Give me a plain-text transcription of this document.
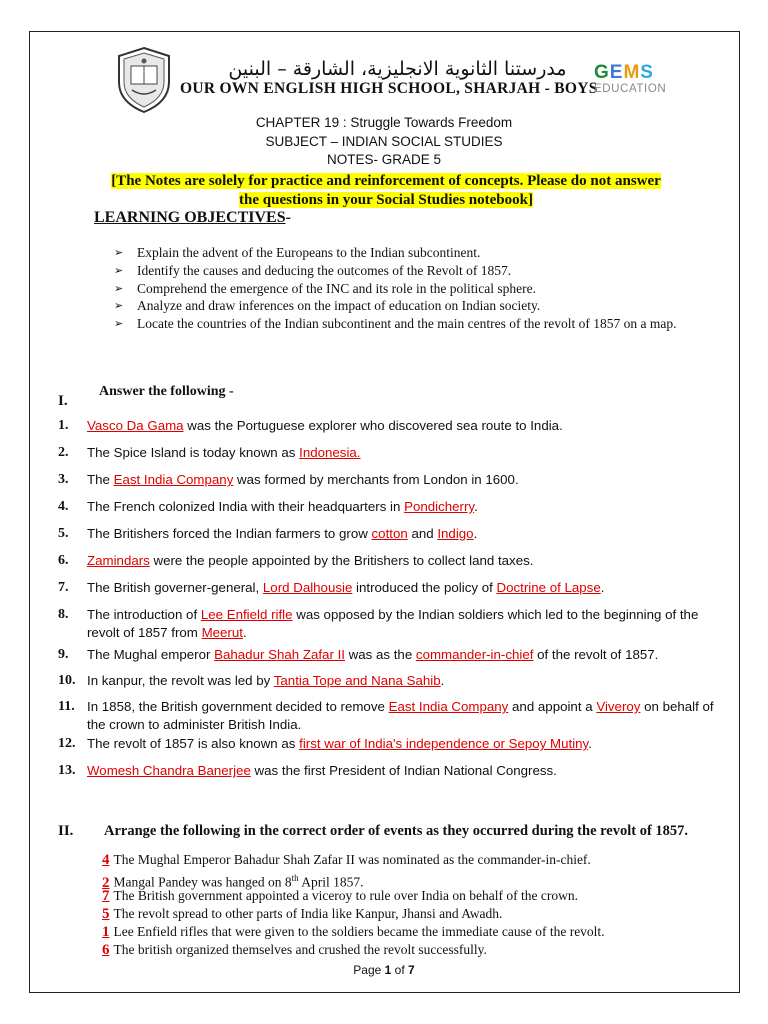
مدرستنا الثانوية الانجليزية، الشارقة – البنين
OUR OWN ENGLISH HIGH SCHOOL, SHARJAH - BOYS
G E M S
EDUCATION
CHAPTER 19 : Struggle Towards Freedom
SUBJECT – INDIAN SOCIAL STUDIES
NOTES- GRADE 5
[The Notes are solely for practice and reinforcement of concepts. Please do not answer
the questions in your Social Studies notebook]
LEARNING OBJECTIVES-
➢	Explain the advent of the Europeans to the Indian subcontinent.
➢	Identify the causes and deducing the outcomes of the Revolt of 1857.
➢	Comprehend the emergence of the INC and its role in the political sphere.
➢	Analyze and draw inferences on the impact of education on Indian society.
➢	Locate the countries of the Indian subcontinent and the main centres of the revolt of 1857 on a map.
I.
Answer the following -
1.	Vasco Da Gama was the Portuguese explorer who discovered sea route to India.
2.	The Spice Island is today known as Indonesia.
3.	The East India Company was formed by merchants from London in 1600.
4.	The French colonized India with their headquarters in Pondicherry.
5.	The Britishers forced the Indian farmers to grow cotton and Indigo.
6.	Zamindars were the people appointed by the Britishers to collect land taxes.
7.	The British governer-general, Lord Dalhousie introduced the policy of Doctrine of Lapse.
8.	The introduction of Lee Enfield rifle was opposed by the Indian soldiers which led to the beginning of the revolt of 1857 from Meerut.
9.	The Mughal emperor Bahadur Shah Zafar II was as the commander-in-chief of the revolt of 1857.
10. In kanpur, the revolt was led by Tantia Tope and Nana Sahib.
11. In 1858, the British government decided to remove East India Company and appoint a Viveroy on behalf of the crown to administer British India.
12. The revolt of 1857 is also known as first war of India's independence or Sepoy Mutiny.
13. Womesh Chandra Banerjee was the first President of Indian National Congress.
II. Arrange the following in the correct order of events as they occurred during the revolt of 1857.
4 The Mughal Emperor Bahadur Shah Zafar II was nominated as the commander-in-chief.
2 Mangal Pandey was hanged on 8th April 1857.
7 The British government appointed a viceroy to rule over India on behalf of the crown.
5 The revolt spread to other parts of India like Kanpur, Jhansi and Awadh.
1 Lee Enfield rifles that were given to the soldiers became the immediate cause of the revolt.
6 The british organized themselves and crushed the revolt successfully.
Page 1 of 7
